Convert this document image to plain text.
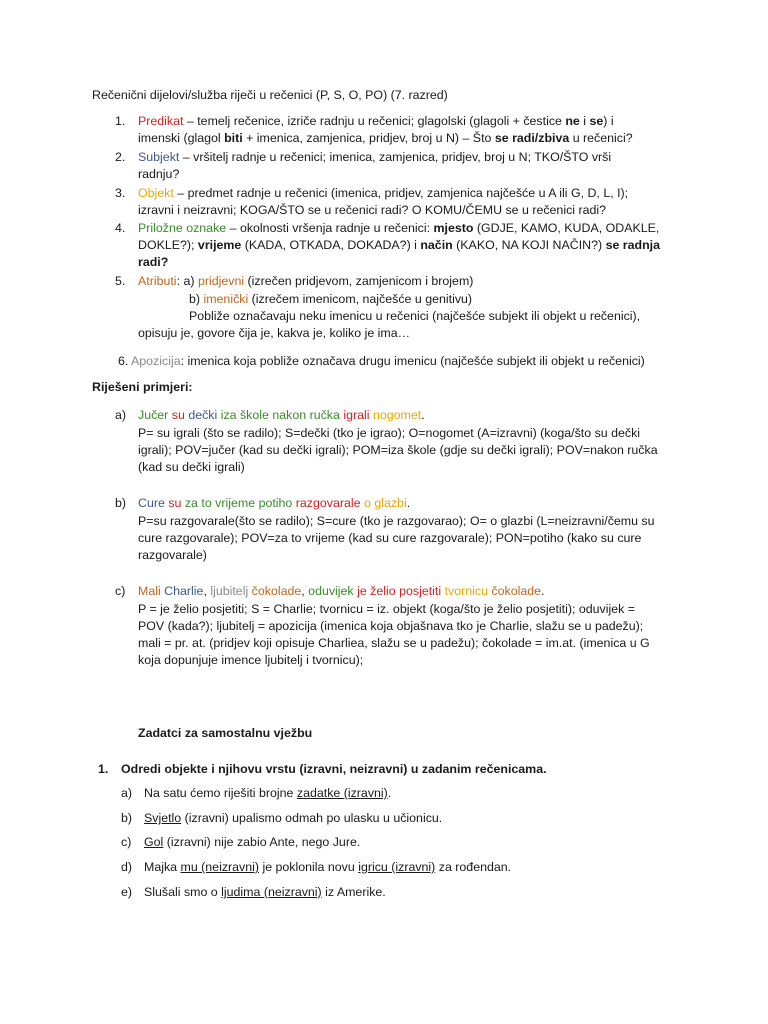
Rečenični dijelovi/služba riječi u rečenici (P, S, O, PO) (7. razred)
1. Predikat – temelj rečenice, izriče radnju u rečenici; glagolski (glagoli + čestice ne i se) i
imenski (glagol biti + imenica, zamjenica, pridjev, broj u N) – Što se radi/zbiva u rečenici?
2. Subjekt – vršitelj radnje u rečenici; imenica, zamjenica, pridjev, broj u N; TKO/ŠTO vrši
radnju?
3. Objekt – predmet radnje u rečenici (imenica, pridjev, zamjenica najčešće u A ili G, D, L, I);
izravni i neizravni; KOGA/ŠTO se u rečenici radi? O KOMU/ČEMU se u rečenici radi?
4. Priložne oznake – okolnosti vršenja radnje u rečenici: mjesto (GDJE, KAMO, KUDA, ODAKLE,
DOKLE?); vrijeme (KADA, OTKADA, DOKADA?) i način (KAKO, NA KOJI NAČIN?) se radnja
radi?
5. Atributi: a) pridjevni (izrečen pridjevom, zamjenicom i brojem)
b) imenički (izrečem imenicom, najčešće u genitivu)
Pobliže označavaju neku imenicu u rečenici (najčešće subjekt ili objekt u rečenici),
opisuju je, govore čija je, kakva je, koliko je ima…
6. Apozicija: imenica koja pobliže označava drugu imenicu (najčešće subjekt ili objekt u rečenici)
Riješeni primjeri:
a) Jučer su dečki iza škole nakon ručka igrali nogomet.
P= su igrali (što se radilo); S=dečki (tko je igrao); O=nogomet (A=izravni) (koga/što su dečki
igrali); POV=jučer (kad su dečki igrali); POM=iza škole (gdje su dečki igrali); POV=nakon ručka
(kad su dečki igrali)
b) Cure su za to vrijeme potiho razgovarale o glazbi.
P=su razgovarale(što se radilo); S=cure (tko je razgovarao); O= o glazbi (L=neizravni/čemu su
cure razgovarale); POV=za to vrijeme (kad su cure razgovarale); PON=potiho (kako su cure
razgovarale)
c) Mali Charlie, ljubitelj čokolade, oduvijek je želio posjetiti tvornicu čokolade.
P = je želio posjetiti; S = Charlie; tvornicu = iz. objekt (koga/što je želio posjetiti); oduvijek =
POV (kada?); ljubitelj = apozicija (imenica koja objašnava tko je Charlie, slažu se u padežu);
mali = pr. at. (pridjev koji opisuje Charliea, slažu se u padežu); čokolade = im.at. (imenica u G
koja dopunjuje imence ljubitelj i tvornicu);
Zadatci za samostalnu vježbu
1. Odredi objekte i njihovu vrstu (izravni, neizravni) u zadanim rečenicama.
a) Na satu ćemo riješiti brojne zadatke (izravni).
b) Svjetlo (izravni) upalismo odmah po ulasku u učionicu.
c) Gol (izravni) nije zabio Ante, nego Jure.
d) Majka mu (neizravni) je poklonila novu igricu (izravni) za rođendan.
e) Slušali smo o ljudima (neizravni) iz Amerike.
